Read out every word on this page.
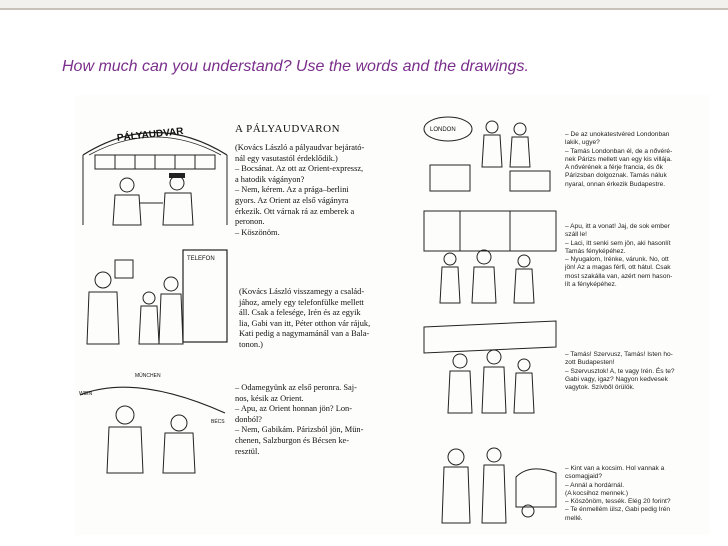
How much can you understand? Use the words and the drawings.
PÁLYAUDVAR
TELEFON
WIEN
MÜNCHEN
BÉCS
A PÁLYAUDVARON

(Kovács László a pályaudvar bejárató-
nál egy vasutastól érdeklődik.)
– Bocsánat. Az ott az Orient-expressz,
a hatodik vágányon?
– Nem, kérem. Az a prága–berlini
gyors. Az Orient az első vágányra
érkezik. Ott várnak rá az emberek a
peronon.
– Köszönöm.

(Kovács László visszamegy a család-
jához, amely egy telefonfülke mellett
áll. Csak a felesége, Irén és az egyik
lia, Gabi van itt, Péter otthon vár rájuk,
Kati pedig a nagymamánál van a Bala-
tonon.)

– Odamegyünk az első peronra. Saj-
nos, késik az Orient.
– Apu, az Orient honnan jön? Lon-
donból?
– Nem, Gabikám. Párizsból jön, Mün-
chenen, Salzburgon és Bécsen ke-
resztül.

LONDON

– De az unokatestvéred Londonban
lakik, ugye?
– Tamás Londonban él, de a nővéré-
nek Párizs mellett van egy kis villája.
A nővérének a férje francia, és ők
Párizsban dolgoznak. Tamás náluk
nyaral, onnan érkezik Budapestre.

– Apu, itt a vonat! Jaj, de sok ember
száll le!
– Laci, itt senki sem jön, aki hasonlít
Tamás fényképéhez.
– Nyugalom, Irénke, várunk. No, ott
jön! Az a magas férfi, ott hátul. Csak
most szakállа van, azért nem hason-
lít a fényképéhez.

– Tamás! Szervusz, Tamás! Isten ho-
zott Budapesten!
– Szervusztok! A, te vagy Irén. És te?
Gabi vagy, igaz? Nagyon kedvesek
vagytok. Szívből örülök.

– Kint van a kocsim. Hol vannak a
csomagjaid?
– Annál a hordárnál.
(A kocsihoz mennek.)
– Köszönöm, tessék. Elég 20 forint?
– Te énmellém ülsz, Gabi pedig Irén
mellé.
